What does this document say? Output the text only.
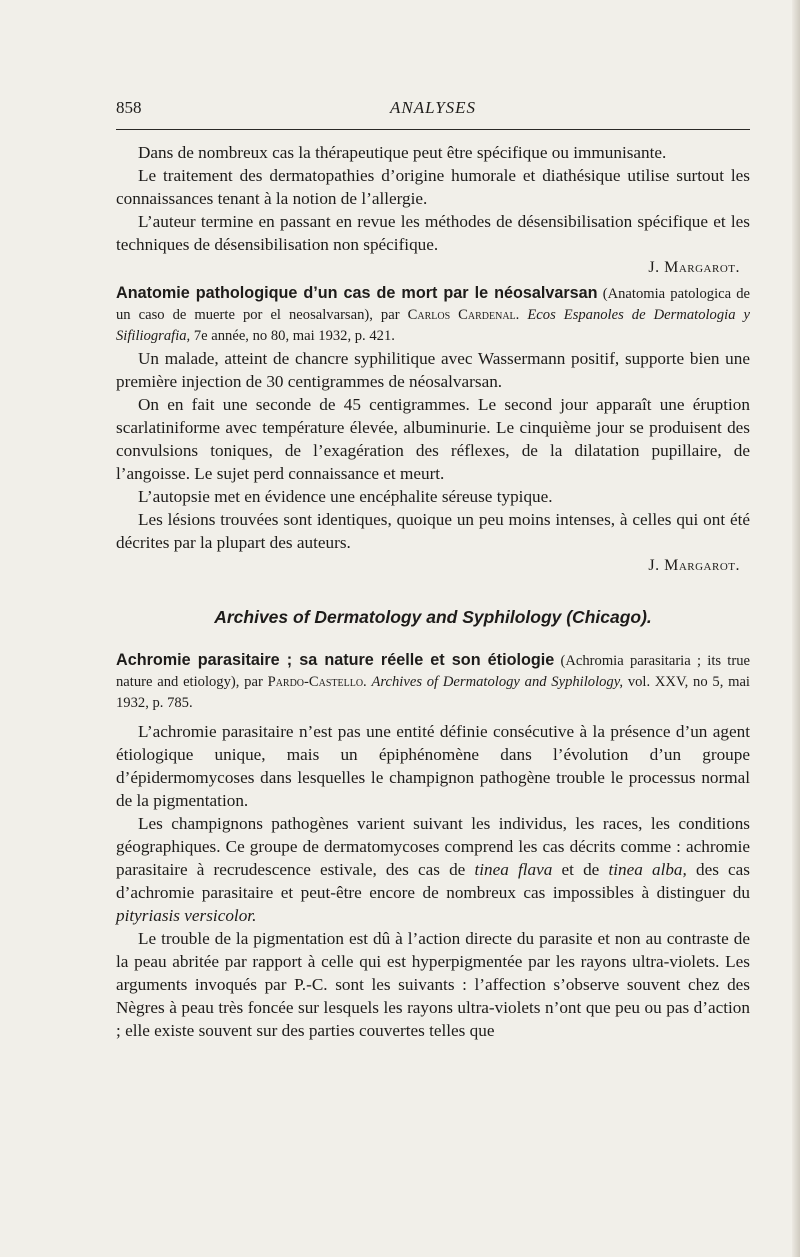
858	ANALYSES

Dans de nombreux cas la thérapeutique peut être spécifique ou immunisante.

Le traitement des dermatopathies d’origine humorale et diathésique utilise surtout les connaissances tenant à la notion de l’allergie.

L’auteur termine en passant en revue les méthodes de désensibilisation spécifique et les techniques de désensibilisation non spécifique.

J. Margarot.
Anatomie pathologique d’un cas de mort par le néosalvarsan (Anatomia patologica de un caso de muerte por el neosalvarsan), par Carlos Cardenal. Ecos Espanoles de Dermatologia y Sifiliografia, 7e année, no 80, mai 1932, p. 421.

Un malade, atteint de chancre syphilitique avec Wassermann positif, supporte bien une première injection de 30 centigrammes de néosalvarsan.

On en fait une seconde de 45 centigrammes. Le second jour apparaît une éruption scarlatiniforme avec température élevée, albuminurie. Le cinquième jour se produisent des convulsions toniques, de l’exagération des réflexes, de la dilatation pupillaire, de l’angoisse. Le sujet perd connaissance et meurt.

L’autopsie met en évidence une encéphalite séreuse typique.

Les lésions trouvées sont identiques, quoique un peu moins intenses, à celles qui ont été décrites par la plupart des auteurs.

J. Margarot.
Archives of Dermatology and Syphilology (Chicago).
Achromie parasitaire ; sa nature réelle et son étiologie (Achromia parasitaria ; its true nature and etiology), par Pardo-Castello. Archives of Dermatology and Syphilology, vol. XXV, no 5, mai 1932, p. 785.

L’achromie parasitaire n’est pas une entité définie consécutive à la présence d’un agent étiologique unique, mais un épiphénomène dans l’évolution d’un groupe d’épidermomycoses dans lesquelles le champignon pathogène trouble le processus normal de la pigmentation.

Les champignons pathogènes varient suivant les individus, les races, les conditions géographiques. Ce groupe de dermatomycoses comprend les cas décrits comme : achromie parasitaire à recrudescence estivale, des cas de tinea flava et de tinea alba, des cas d’achromie parasitaire et peut-être encore de nombreux cas impossibles à distinguer du pityriasis versicolor.

Le trouble de la pigmentation est dû à l’action directe du parasite et non au contraste de la peau abritée par rapport à celle qui est hyperpigmentée par les rayons ultra-violets. Les arguments invoqués par P.-C. sont les suivants : l’affection s’observe souvent chez des Nègres à peau très foncée sur lesquels les rayons ultra-violets n’ont que peu ou pas d’action ; elle existe souvent sur des parties couvertes telles que
